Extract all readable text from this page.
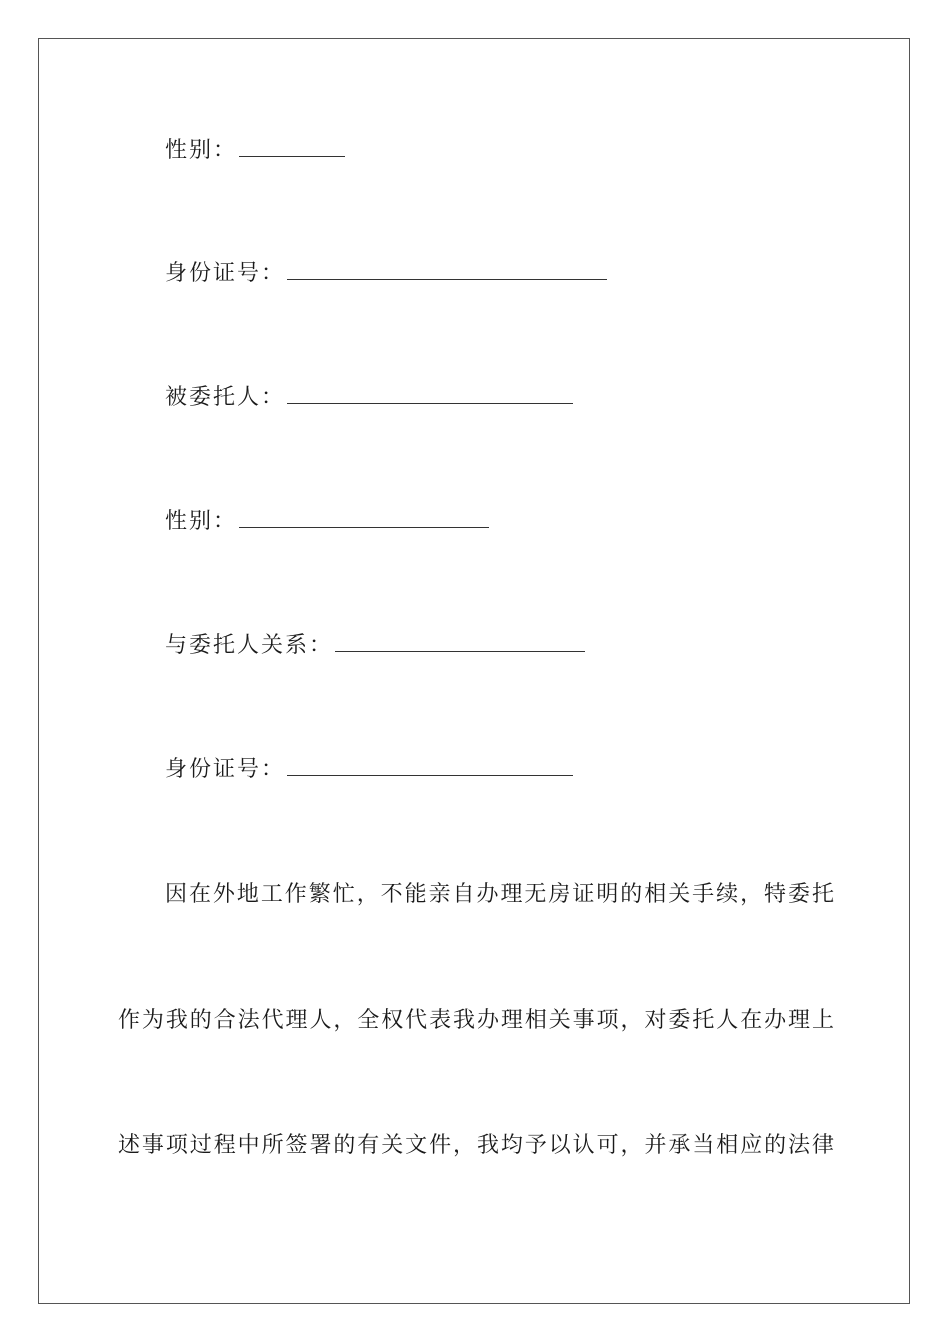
性别：
身份证号：
被委托人：
性别：
与委托人关系：
身份证号：
因在外地工作繁忙，不能亲自办理无房证明的相关手续，特委托
作为我的合法代理人，全权代表我办理相关事项，对委托人在办理上
述事项过程中所签署的有关文件，我均予以认可，并承当相应的法律
